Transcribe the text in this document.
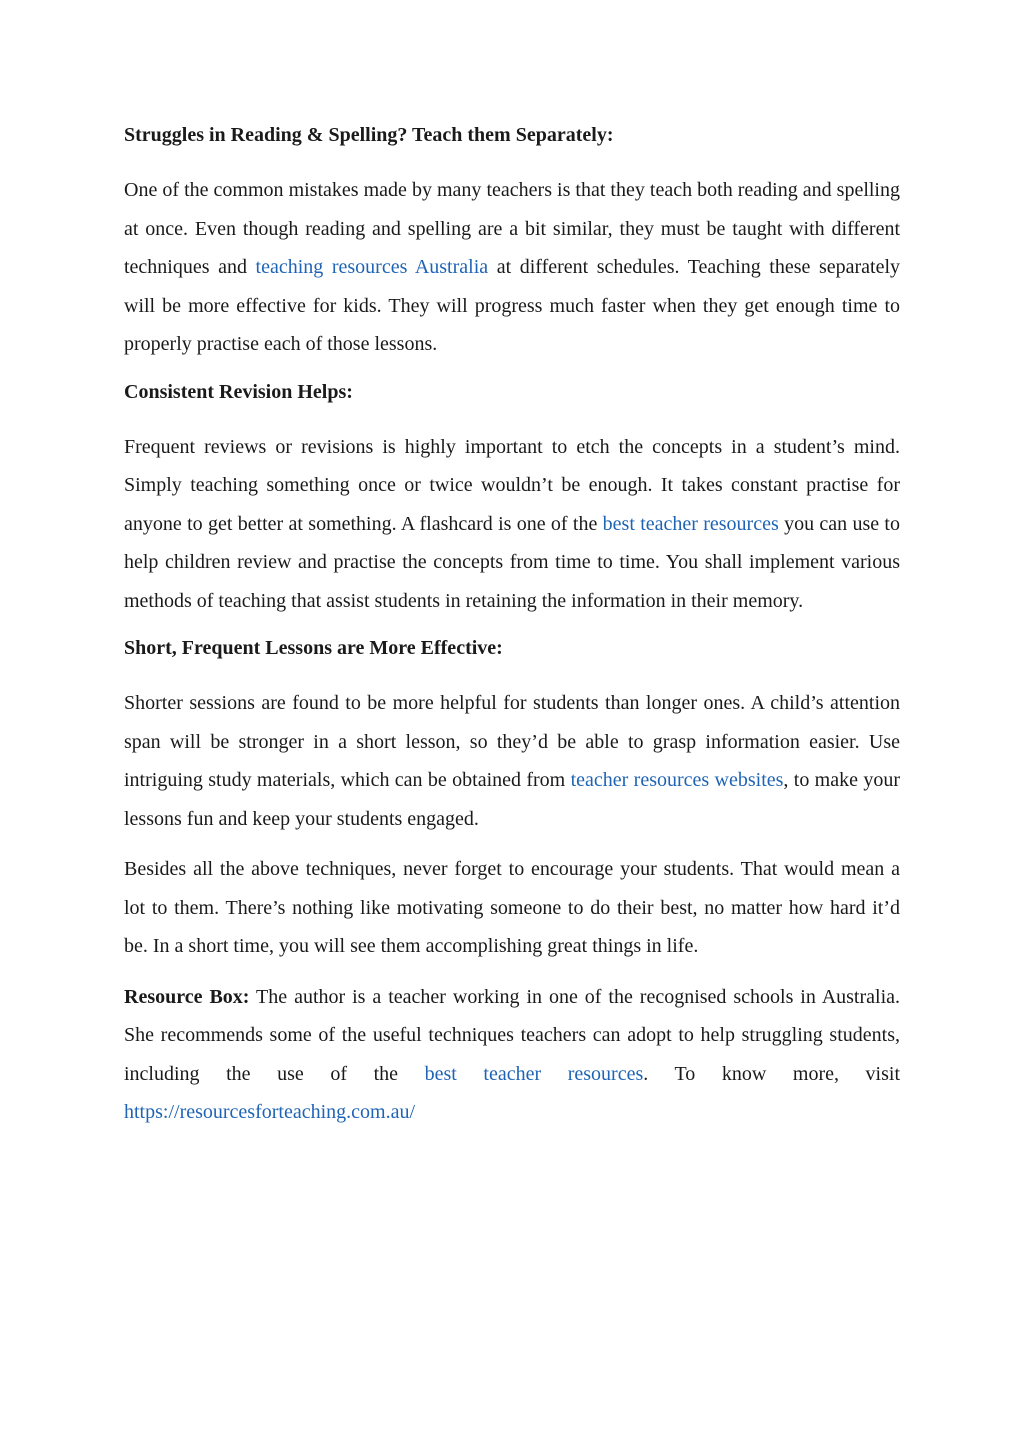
Struggles in Reading & Spelling? Teach them Separately:
One of the common mistakes made by many teachers is that they teach both reading and spelling at once. Even though reading and spelling are a bit similar, they must be taught with different techniques and teaching resources Australia at different schedules. Teaching these separately will be more effective for kids. They will progress much faster when they get enough time to properly practise each of those lessons.
Consistent Revision Helps:
Frequent reviews or revisions is highly important to etch the concepts in a student’s mind. Simply teaching something once or twice wouldn’t be enough. It takes constant practise for anyone to get better at something. A flashcard is one of the best teacher resources you can use to help children review and practise the concepts from time to time. You shall implement various methods of teaching that assist students in retaining the information in their memory.
Short, Frequent Lessons are More Effective:
Shorter sessions are found to be more helpful for students than longer ones. A child’s attention span will be stronger in a short lesson, so they’d be able to grasp information easier. Use intriguing study materials, which can be obtained from teacher resources websites, to make your lessons fun and keep your students engaged.
Besides all the above techniques, never forget to encourage your students. That would mean a lot to them. There’s nothing like motivating someone to do their best, no matter how hard it’d be. In a short time, you will see them accomplishing great things in life.
Resource Box: The author is a teacher working in one of the recognised schools in Australia. She recommends some of the useful techniques teachers can adopt to help struggling students, including the use of the best teacher resources. To know more, visit https://resourcesforteaching.com.au/
